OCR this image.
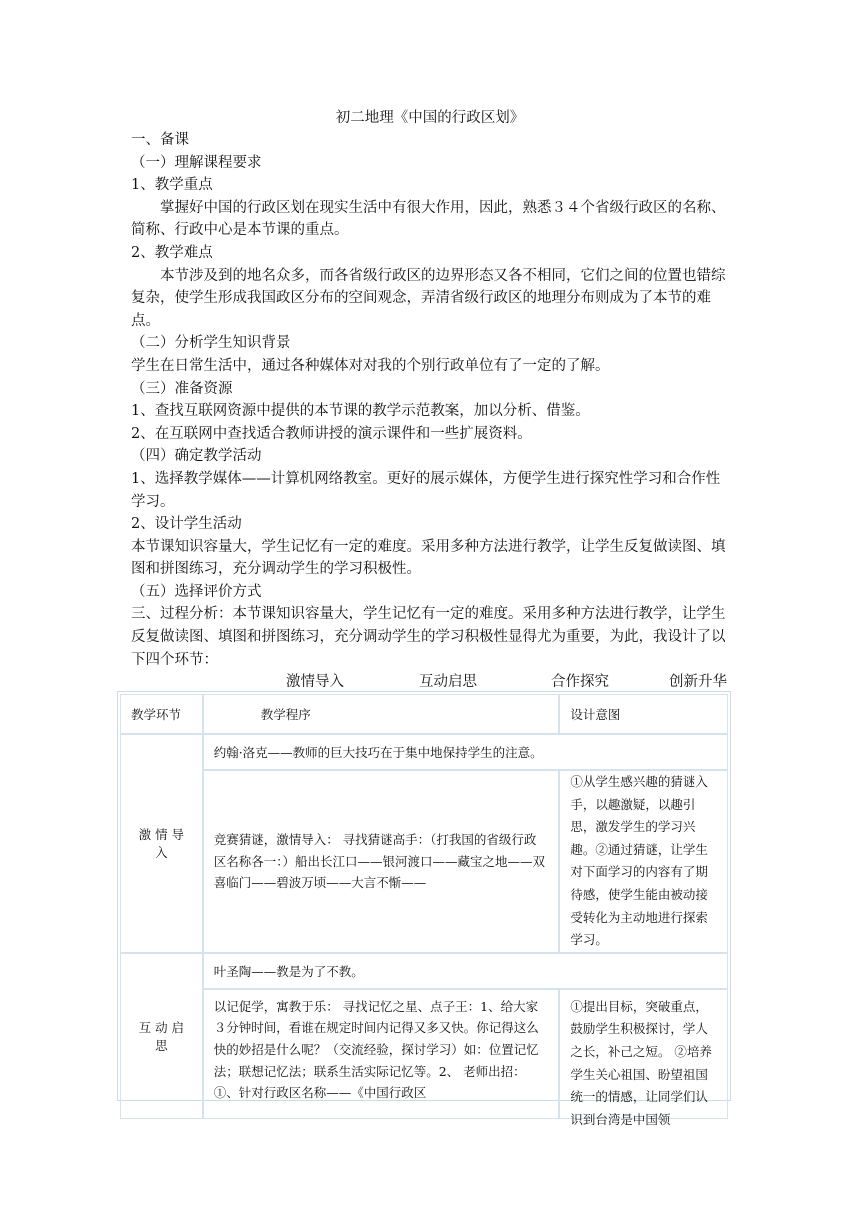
初二地理《中国的行政区划》

一、备课

（一）理解课程要求

1、教学重点

掌握好中国的行政区划在现实生活中有很大作用，因此，熟悉３４个省级行政区的名称、简称、行政中心是本节课的重点。

2、教学难点

本节涉及到的地名众多，而各省级行政区的边界形态又各不相同，它们之间的位置也错综复杂，使学生形成我国政区分布的空间观念，弄清省级行政区的地理分布则成为了本节的难点。

（二）分析学生知识背景

学生在日常生活中，通过各种媒体对对我的个别行政单位有了一定的了解。

（三）准备资源

1、查找互联网资源中提供的本节课的教学示范教案，加以分析、借鉴。

2、在互联网中查找适合教师讲授的演示课件和一些扩展资料。

（四）确定教学活动

1、选择教学媒体——计算机网络教室。更好的展示媒体，方便学生进行探究性学习和合作性学习。

2、设计学生活动

本节课知识容量大，学生记忆有一定的难度。采用多种方法进行教学，让学生反复做读图、填图和拼图练习，充分调动学生的学习积极性。

（五）选择评价方式

三、过程分析：本节课知识容量大，学生记忆有一定的难度。采用多种方法进行教学，让学生反复做读图、填图和拼图练习，充分调动学生的学习积极性显得尤为重要，为此，我设计了以下四个环节：

激情导入	互动启思	合作探究	创新升华

教学环节	教学程序	设计意图
激 情 导 入	约翰·洛克——教师的巨大技巧在于集中地保持学生的注意。	
	竞赛猜谜，激情导入： 寻找猜谜高手：（打我国的省级行政区名称各一：）船出长江口——银河渡口——藏宝之地——双喜临门——碧波万顷——大言不惭——	①从学生感兴趣的猜谜入手，以趣激疑，以趣引思，激发学生的学习兴趣。②通过猜谜，让学生对下面学习的内容有了期待感，使学生能由被动接受转化为主动地进行探索学习。
互 动 启 思	叶圣陶——教是为了不教。	

	以记促学，寓教于乐： 寻找记忆之星、点子王：1、给大家３分钟时间，看谁在规定时间内记得又多又快。你记得这么快的妙招是什么呢？（交流经验，探讨学习）如：位置记忆法；联想记忆法；联系生活实际记忆等。2、 老师出招： ①、针对行政区名称——《中国行政区	①提出目标，突破重点，鼓励学生积极探讨，学人之长，补己之短。 ②培养学生关心祖国、盼望祖国统一的情感，让同学们认识到台湾是中国领
